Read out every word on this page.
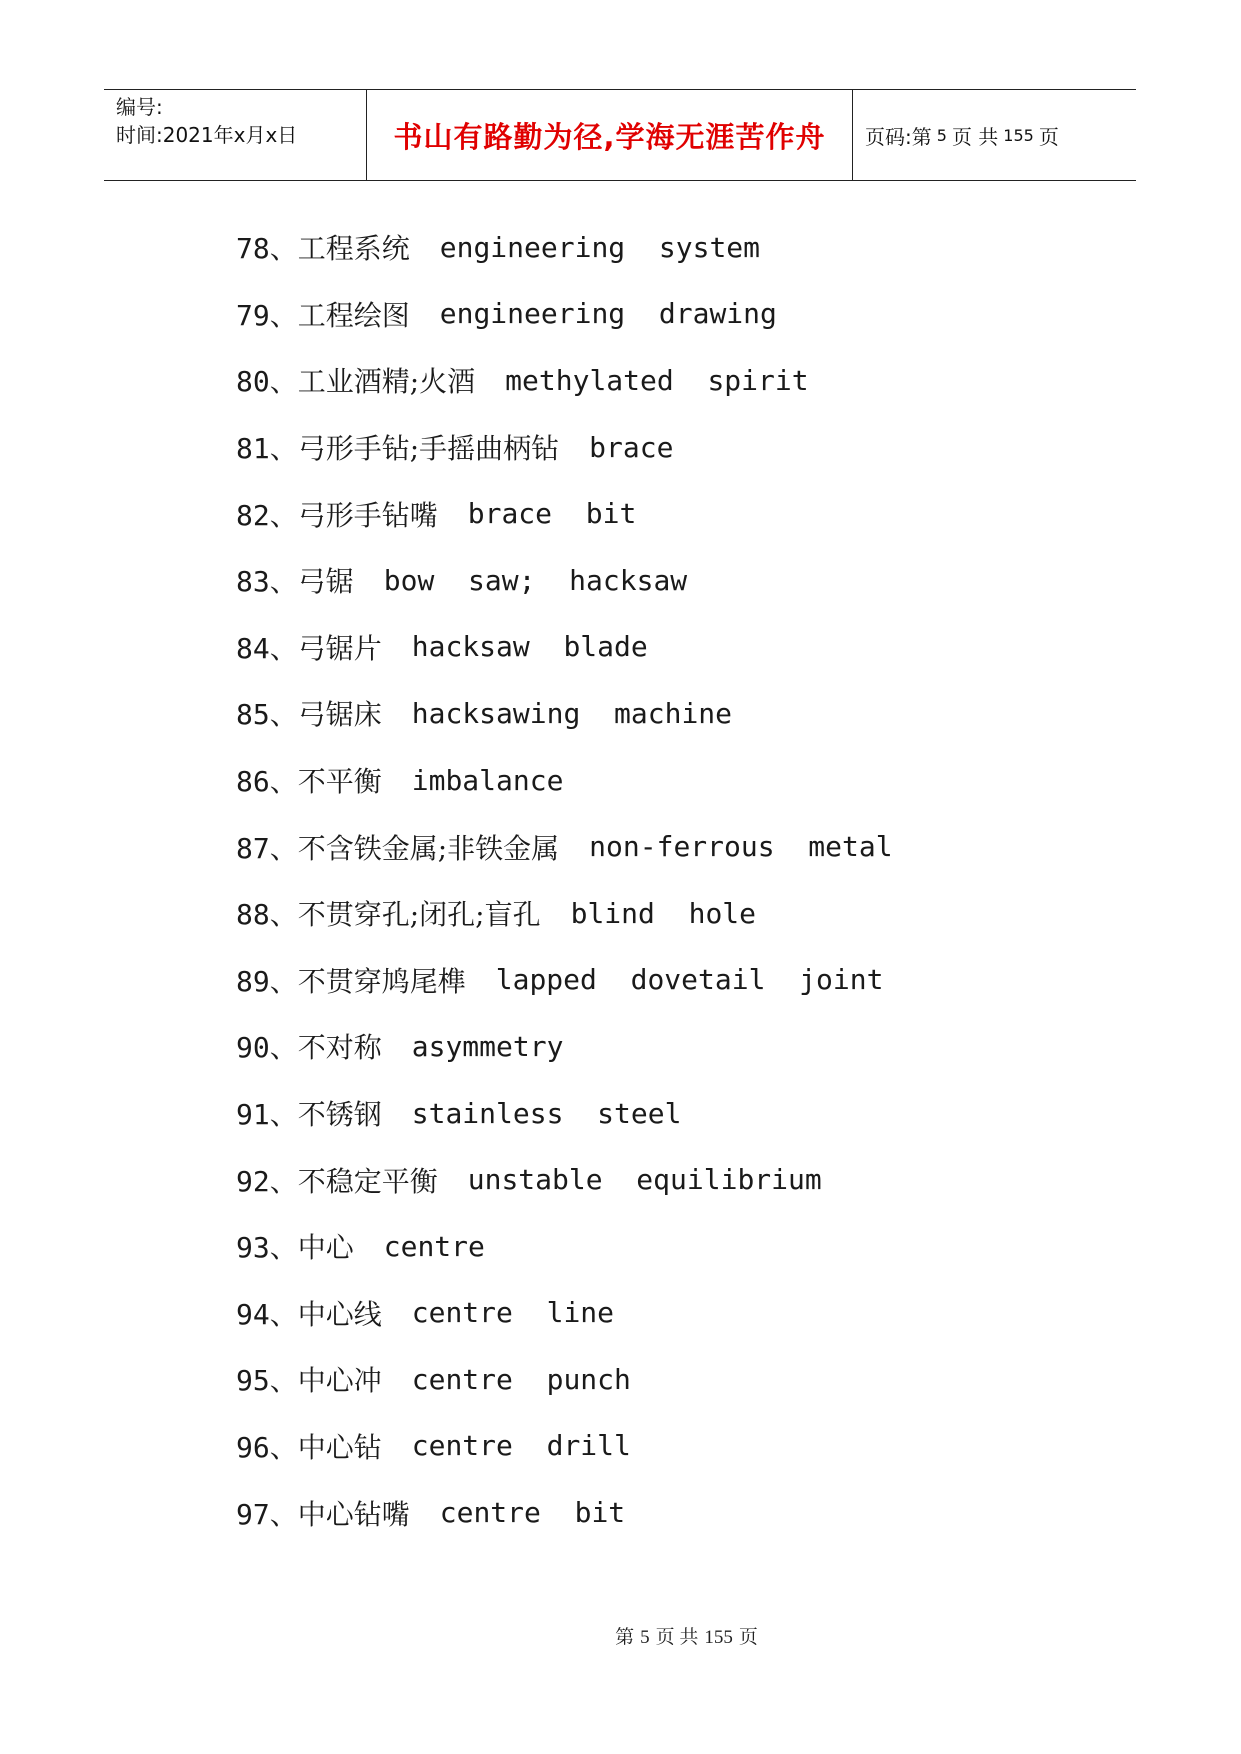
编号:
时间:2021年x月x日	书山有路勤为径,学海无涯苦作舟	页码:第 5 页 共 155 页
78、 工程系统 engineering  system
79、 工程绘图 engineering  drawing
80、 工业酒精;火酒 methylated  spirit
81、 弓形手钻;手摇曲柄钻 brace
82、 弓形手钻嘴 brace  bit
83、 弓锯 bow  saw;  hacksaw
84、 弓锯片 hacksaw  blade
85、 弓锯床 hacksawing  machine
86、 不平衡 imbalance
87、 不含铁金属;非铁金属 non-ferrous  metal
88、 不贯穿孔;闭孔;盲孔 blind  hole
89、 不贯穿鸠尾榫 lapped  dovetail  joint
90、 不对称 asymmetry
91、 不锈钢 stainless  steel
92、 不稳定平衡 unstable  equilibrium
93、 中心 centre
94、 中心线 centre  line
95、 中心冲 centre  punch
96、 中心钻 centre  drill
97、 中心钻嘴 centre  bit
第 5 页 共 155 页
